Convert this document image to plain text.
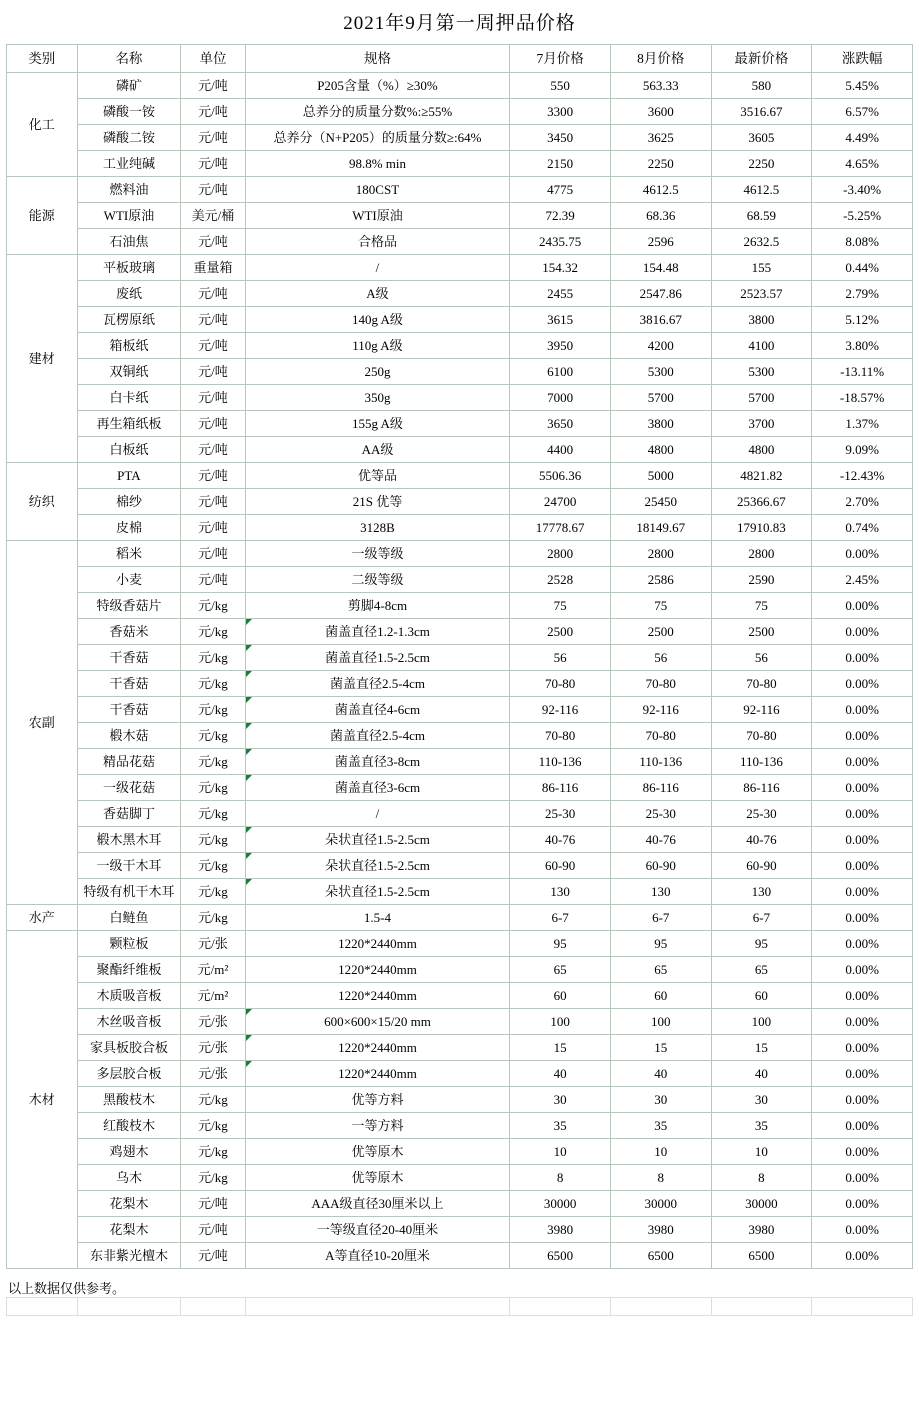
2021年9月第一周押品价格
类别	名称	单位	规格	7月价格	8月价格	最新价格	涨跌幅
化工	磷矿	元/吨	P205含量（%）≥30%	550	563.33	580	5.45%
	磷酸一铵	元/吨	总养分的质量分数%:≥55%	3300	3600	3516.67	6.57%
	磷酸二铵	元/吨	总养分（N+P205）的质量分数≥:64%	3450	3625	3605	4.49%
	工业纯碱	元/吨	98.8% min	2150	2250	2250	4.65%
能源	燃料油	元/吨	180CST	4775	4612.5	4612.5	-3.40%
	WTI原油	美元/桶	WTI原油	72.39	68.36	68.59	-5.25%
	石油焦	元/吨	合格品	2435.75	2596	2632.5	8.08%
建材	平板玻璃	重量箱	/	154.32	154.48	155	0.44%
	废纸	元/吨	A级	2455	2547.86	2523.57	2.79%
	瓦楞原纸	元/吨	140g A级	3615	3816.67	3800	5.12%
	箱板纸	元/吨	110g A级	3950	4200	4100	3.80%
	双铜纸	元/吨	250g	6100	5300	5300	-13.11%
	白卡纸	元/吨	350g	7000	5700	5700	-18.57%
	再生箱纸板	元/吨	155g A级	3650	3800	3700	1.37%
	白板纸	元/吨	AA级	4400	4800	4800	9.09%
纺织	PTA	元/吨	优等品	5506.36	5000	4821.82	-12.43%
	棉纱	元/吨	21S 优等	24700	25450	25366.67	2.70%
	皮棉	元/吨	3128B	17778.67	18149.67	17910.83	0.74%
农副	稻米	元/吨	一级等级	2800	2800	2800	0.00%
	小麦	元/吨	二级等级	2528	2586	2590	2.45%
	特级香菇片	元/kg	剪脚4-8cm	75	75	75	0.00%
	香菇米	元/kg	菌盖直径1.2-1.3cm	2500	2500	2500	0.00%
	干香菇	元/kg	菌盖直径1.5-2.5cm	56	56	56	0.00%
	干香菇	元/kg	菌盖直径2.5-4cm	70-80	70-80	70-80	0.00%
	干香菇	元/kg	菌盖直径4-6cm	92-116	92-116	92-116	0.00%
	椴木菇	元/kg	菌盖直径2.5-4cm	70-80	70-80	70-80	0.00%
	精品花菇	元/kg	菌盖直径3-8cm	110-136	110-136	110-136	0.00%
	一级花菇	元/kg	菌盖直径3-6cm	86-116	86-116	86-116	0.00%
	香菇脚丁	元/kg	/	25-30	25-30	25-30	0.00%
	椴木黑木耳	元/kg	朵状直径1.5-2.5cm	40-76	40-76	40-76	0.00%
	一级干木耳	元/kg	朵状直径1.5-2.5cm	60-90	60-90	60-90	0.00%
	特级有机干木耳	元/kg	朵状直径1.5-2.5cm	130	130	130	0.00%
水产	白鲢鱼	元/kg	1.5-4	6-7	6-7	6-7	0.00%
木材	颗粒板	元/张	1220*2440mm	95	95	95	0.00%
	聚酯纤维板	元/m²	1220*2440mm	65	65	65	0.00%
	木质吸音板	元/m²	1220*2440mm	60	60	60	0.00%
	木丝吸音板	元/张	600×600×15/20 mm	100	100	100	0.00%
	家具板胶合板	元/张	1220*2440mm	15	15	15	0.00%
	多层胶合板	元/张	1220*2440mm	40	40	40	0.00%
	黑酸枝木	元/kg	优等方料	30	30	30	0.00%
	红酸枝木	元/kg	一等方料	35	35	35	0.00%
	鸡翅木	元/kg	优等原木	10	10	10	0.00%
	乌木	元/kg	优等原木	8	8	8	0.00%
	花梨木	元/吨	AAA级直径30厘米以上	30000	30000	30000	0.00%
	花梨木	元/吨	一等级直径20-40厘米	3980	3980	3980	0.00%
	东非紫光檀木	元/吨	A等直径10-20厘米	6500	6500	6500	0.00%
以上数据仅供参考。
